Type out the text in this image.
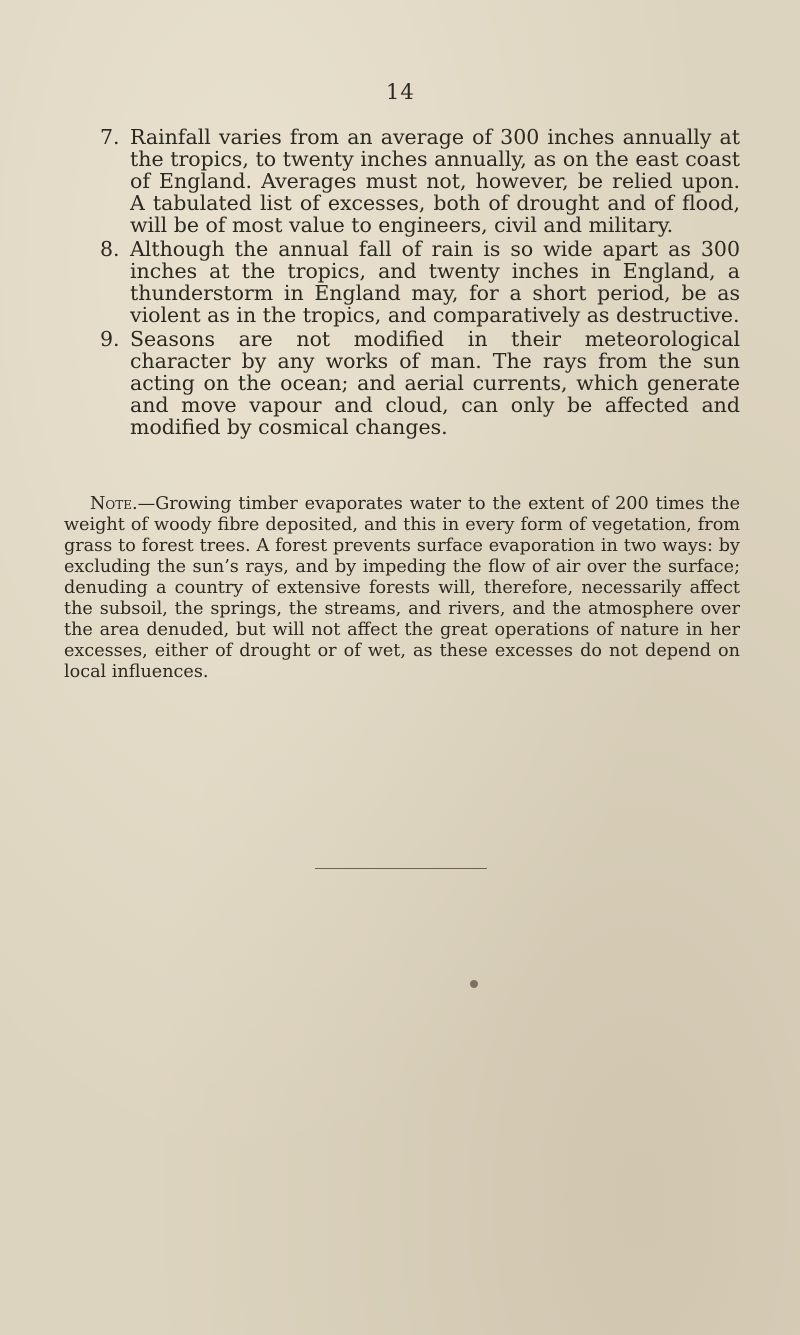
14
7. Rainfall varies from an average of 300 inches annually at the tropics, to twenty inches annually, as on the east coast of England. Averages must not, however, be relied upon. A tabulated list of excesses, both of drought and of flood, will be of most value to engineers, civil and military.
8. Although the annual fall of rain is so wide apart as 300 inches at the tropics, and twenty inches in England, a thunderstorm in England may, for a short period, be as violent as in the tropics, and comparatively as destructive.
9. Seasons are not modified in their meteorological character by any works of man. The rays from the sun acting on the ocean; and aerial currents, which generate and move vapour and cloud, can only be affected and modified by cosmical changes.

Note.—Growing timber evaporates water to the extent of 200 times the weight of woody fibre deposited, and this in every form of vegetation, from grass to forest trees. A forest prevents surface evaporation in two ways: by excluding the sun’s rays, and by impeding the flow of air over the surface; denuding a country of extensive forests will, therefore, necessarily affect the subsoil, the springs, the streams, and rivers, and the atmosphere over the area denuded, but will not affect the great operations of nature in her excesses, either of drought or of wet, as these excesses do not depend on local influences.
